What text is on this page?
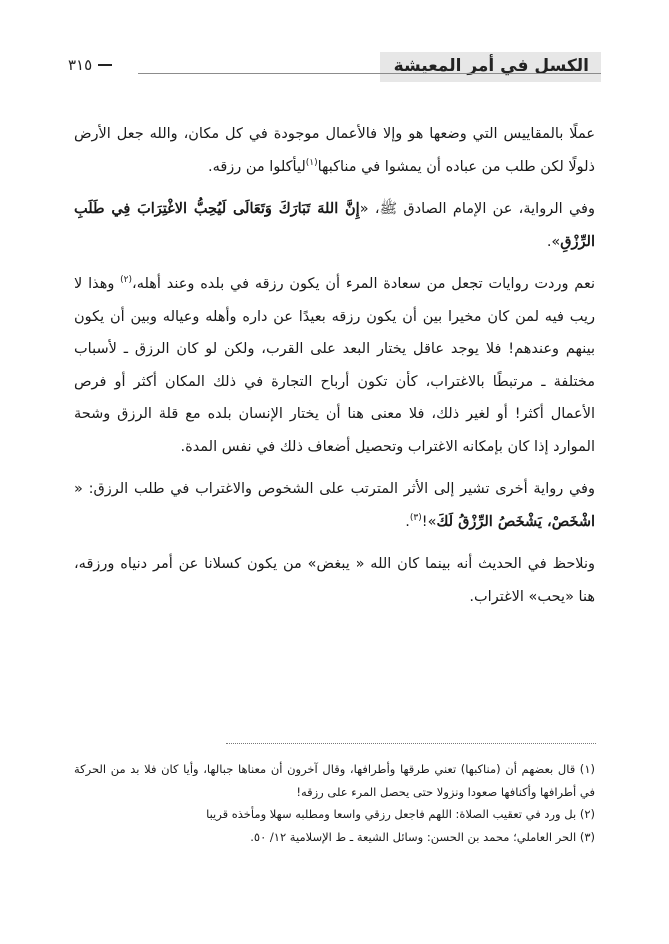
الكسل في أمر المعيشة
٣١٥

عملًا بالمقاييس التي وضعها هو وإلا فالأعمال موجودة في كل مكان، والله جعل الأرض ذلولًا لكن طلب من عباده أن يمشوا في مناكبها$^{(١)}$ليأكلوا من رزقه.

وفي الرواية، عن الإمام الصادق ﷺ، «إِنَّ اللهَ تَبَارَكَ وَتَعَالَى لَيُحِبُّ الاغْتِرَابَ فِي طَلَبِ الرِّزْقِ».

نعم وردت روايات تجعل من سعادة المرء أن يكون رزقه في بلده وعند أهله،$^{(٢)}$ وهذا لا ريب فيه لمن كان مخيرا بين أن يكون رزقه بعيدًا عن داره وأهله وعياله وبين أن يكون بينهم وعندهم! فلا يوجد عاقل يختار البعد على القرب، ولكن لو كان الرزق ـ لأسباب مختلفة ـ مرتبطًا بالاغتراب، كأن تكون أرباح التجارة في ذلك المكان أكثر أو فرص الأعمال أكثر! أو لغير ذلك، فلا معنى هنا أن يختار الإنسان بلده مع قلة الرزق وشحة الموارد إذا كان بإمكانه الاغتراب وتحصيل أضعاف ذلك في نفس المدة.

وفي رواية أخرى تشير إلى الأثر المترتب على الشخوص والاغتراب في طلب الرزق: « اشْخَصْ، يَشْخَصُ الرِّزْقُ لَكَ»!$^{(٣)}$.

ونلاحظ في الحديث أنه بينما كان الله « يبغض» من يكون كسلانا عن أمر دنياه ورزقه، هنا «يحب» الاغتراب.

(١) قال بعضهم أن (مناكبها) تعني طرقها وأطرافها، وقال آخرون أن معناها جبالها، وأيا كان فلا بد من الحركة في أطرافها وأكنافها صعودا ونزولا حتى يحصل المرء على رزقه!

(٢) بل ورد في تعقيب الصلاة: اللهم فاجعل رزقي واسعا ومطلبه سهلا ومأخذه قريبا

(٣) الحر العاملي؛ محمد بن الحسن: وسائل الشيعة ـ ط الإسلامية ١٢/ ٥٠.
